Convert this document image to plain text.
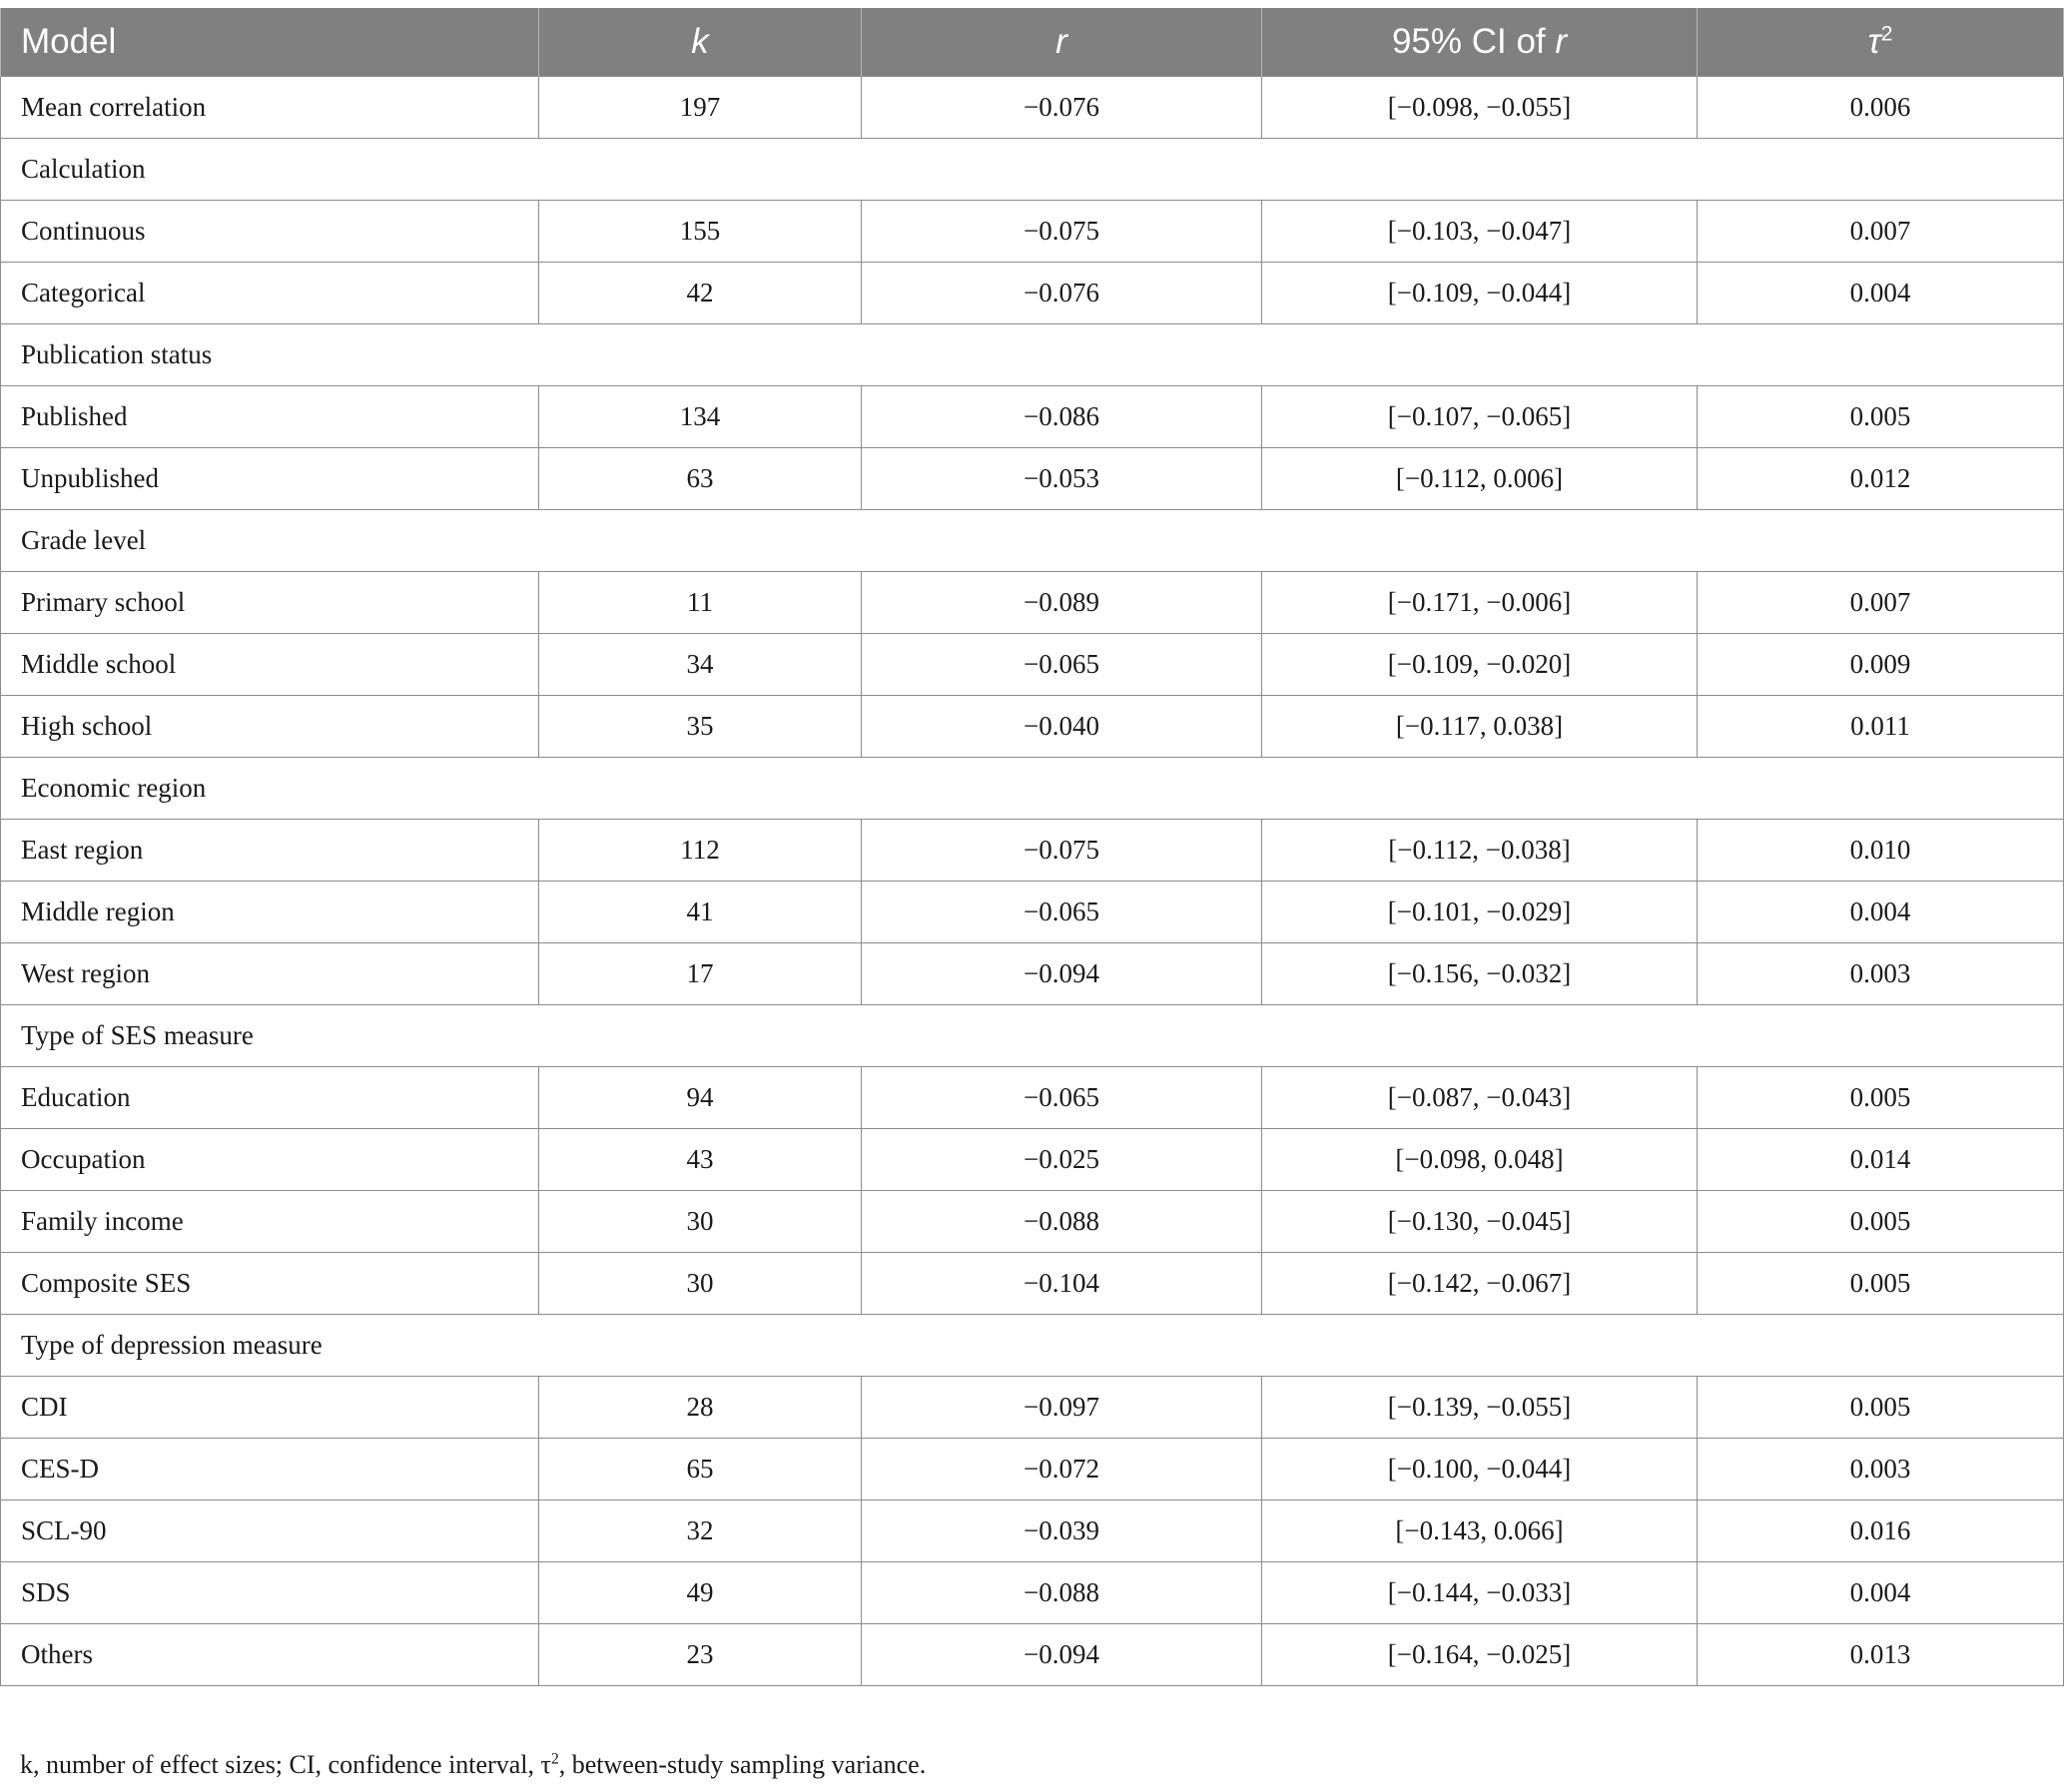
Model	k	r	95% CI of r	$\tau^2$
Mean correlation	197	−0.076	[−0.098, −0.055]	0.006
Calculation				
Continuous	155	−0.075	[−0.103, −0.047]	0.007
Categorical	42	−0.076	[−0.109, −0.044]	0.004
Publication status				
Published	134	−0.086	[−0.107, −0.065]	0.005
Unpublished	63	−0.053	[−0.112, 0.006]	0.012
Grade level				
Primary school	11	−0.089	[−0.171, −0.006]	0.007
Middle school	34	−0.065	[−0.109, −0.020]	0.009
High school	35	−0.040	[−0.117, 0.038]	0.011
Economic region				
East region	112	−0.075	[−0.112, −0.038]	0.010
Middle region	41	−0.065	[−0.101, −0.029]	0.004
West region	17	−0.094	[−0.156, −0.032]	0.003
Type of SES measure				
Education	94	−0.065	[−0.087, −0.043]	0.005
Occupation	43	−0.025	[−0.098, 0.048]	0.014
Family income	30	−0.088	[−0.130, −0.045]	0.005
Composite SES	30	−0.104	[−0.142, −0.067]	0.005
Type of depression measure				
CDI	28	−0.097	[−0.139, −0.055]	0.005
CES-D	65	−0.072	[−0.100, −0.044]	0.003
SCL-90	32	−0.039	[−0.143, 0.066]	0.016
SDS	49	−0.088	[−0.144, −0.033]	0.004
Others	23	−0.094	[−0.164, −0.025]	0.013
k, number of effect sizes; CI, confidence interval, $\tau^2$, between-study sampling variance.
